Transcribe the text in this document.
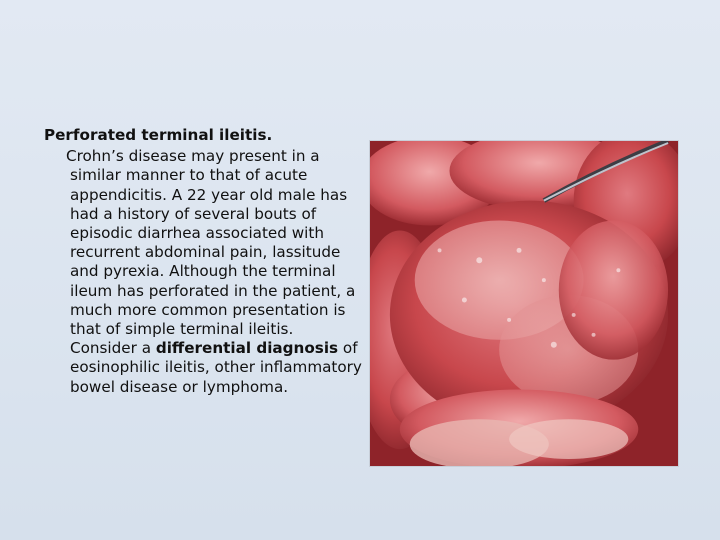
Perforated terminal ileitis.

Crohn’s disease may present in a similar manner to that of acute appendicitis. A 22 year old male has had a history of several bouts of episodic diarrhea associated with recurrent abdominal pain, lassitude and pyrexia. Although the terminal ileum has perforated in the patient, a much more common presentation is that of simple terminal ileitis. Consider a differential diagnosis of eosinophilic ileitis, other inflammatory bowel disease or lymphoma.
